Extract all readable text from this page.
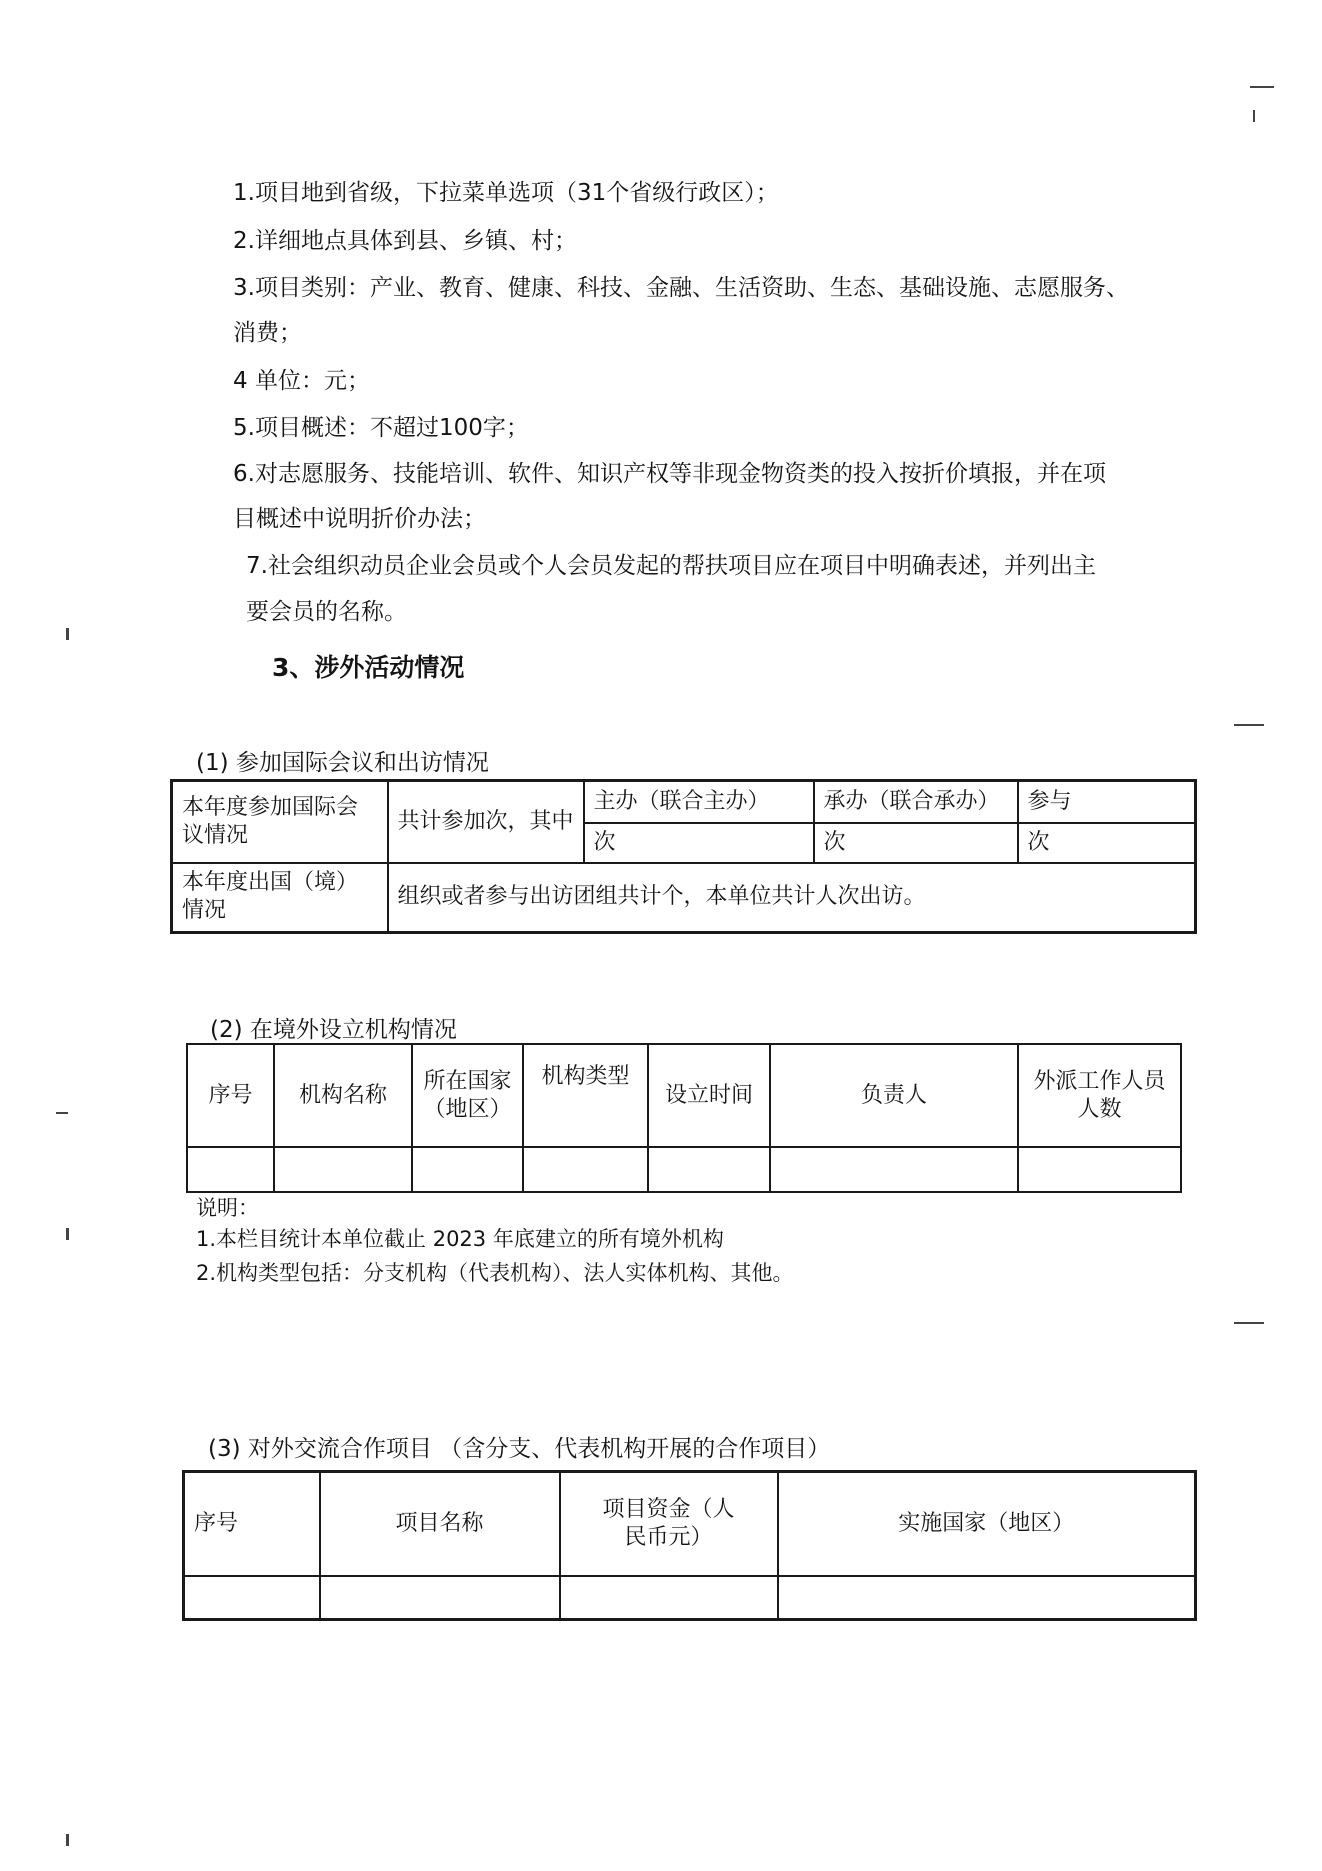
1.项目地到省级，下拉菜单选项（31个省级行政区）；
2.详细地点具体到县、乡镇、村；
3.项目类别：产业、教育、健康、科技、金融、生活资助、生态、基础设施、志愿服务、
消费；
4 单位：元；
5.项目概述：不超过100字；
6.对志愿服务、技能培训、软件、知识产权等非现金物资类的投入按折价填报，并在项
目概述中说明折价办法；
7.社会组织动员企业会员或个人会员发起的帮扶项目应在项目中明确表述，并列出主
要会员的名称。
3、涉外活动情况
(1) 参加国际会议和出访情况
本年度参加国际会议情况	共计参加次，其中	主办（联合主办）	承办（联合承办）	参与
		次	次	次
本年度出国（境）情况	组织或者参与出访团组共计个，本单位共计人次出访。			
(2) 在境外设立机构情况
序号	机构名称	所在国家（地区）	机构类型	设立时间	负责人	外派工作人员人数

说明：
1.本栏目统计本单位截止 2023 年底建立的所有境外机构
2.机构类型包括：分支机构（代表机构）、法人实体机构、其他。
(3) 对外交流合作项目 （含分支、代表机构开展的合作项目）
序号	项目名称	项目资金（人民币元）	实施国家（地区）
